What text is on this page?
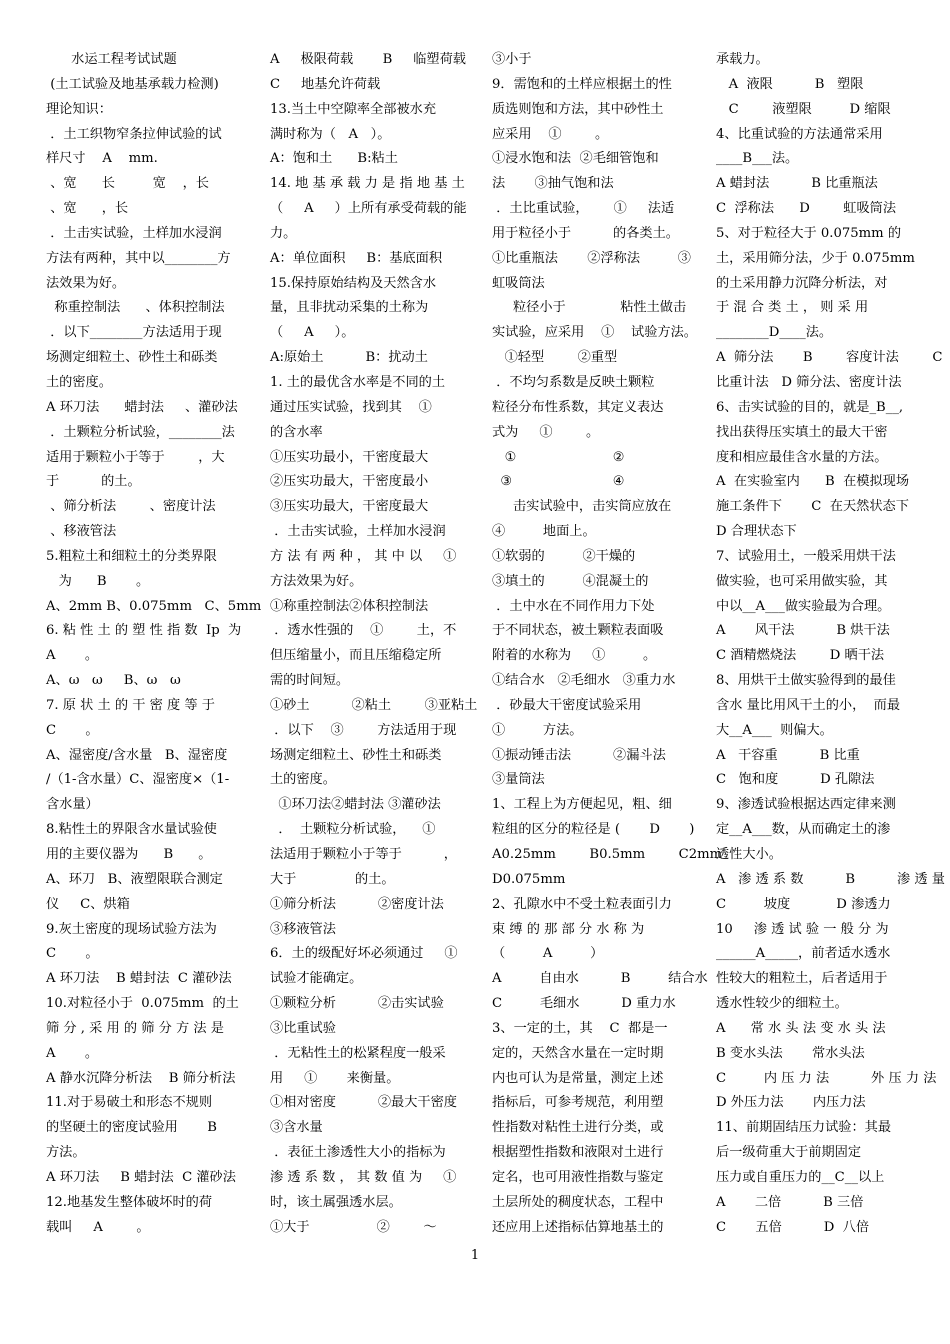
水运工程考试试题
(土工试验及地基承载力检测)
理论知识：
．土工织物窄条拉伸试验的试
样尺寸    A    mm.
、宽      长         宽    ，长
、宽      ，长
．土击实试验，土样加水浸润
方法有两种，其中以________方
法效果为好。
称重控制法      、体积控制法
．以下________方法适用于现
场测定细粒土、砂性土和砾类
土的密度。
A 环刀法      蜡封法     、灌砂法
．土颗粒分析试验，________法
适用于颗粒小于等于        ，大
于          的土。
、筛分析法        、密度计法
、移液管法
5.粗粒土和细粒土的分类界限
为      B       。
A、2mm B、0.075mm   C、5mm
6. 粘 性 土 的 塑 性 指 数  Ip  为
A       。
A、ω   ω     B、ω   ω
7. 原 状 土 的 干 密 度 等 于
C       。
A、湿密度/含水量   B、湿密度
/（1-含水量）C、湿密度×（1-
含水量）
8.粘性土的界限含水量试验使
用的主要仪器为      B      。
A、环刀   B、液塑限联合测定
仪     C、烘箱
9.灰土密度的现场试验方法为
C       。
A 环刀法    B 蜡封法  C 灌砂法
10.对粒径小于  0.075mm  的土
筛 分 , 采 用 的 筛 分 方 法 是
A       。
A 静水沉降分析法    B 筛分析法
11.对于易破土和形态不规则
的坚硬土的密度试验用       B
方法。
A 环刀法     B 蜡封法  C 灌砂法
12.地基发生整体破坏时的荷
载叫     A        。
A     极限荷载       B     临塑荷载
C     地基允许荷载
13.当土中空隙率全部被水充
满时称为（   A   ）。
A：饱和土      B:粘土
14. 地 基 承 载 力 是 指 地 基 土
（     A     ）上所有承受荷载的能
力。
A：单位面积     B：基底面积
15.保持原始结构及天然含水
量，且非扰动采集的土称为
（     A     ）。
A:原始土          B：扰动土
1. 土的最优含水率是不同的土
通过压实试验，找到其    ①
的含水率
①压实功最小，干密度最大
②压实功最大，干密度最小
③压实功最大，干密度最大
．土击实试验，土样加水浸润
方 法 有 两 种 ， 其 中 以     ①
方法效果为好。
①称重控制法②体积控制法
．透水性强的    ①        土，不
但压缩量小，而且压缩稳定所
需的时间短。
①砂土          ②粘土        ③亚粘土
．以下    ③        方法适用于现
场测定细粒土、砂性土和砾类
土的密度。
①环刀法②蜡封法 ③灌砂法
．  土颗粒分析试验，    ①
法适用于颗粒小于等于          ，
大于              的土。
①筛分析法          ②密度计法
③移液管法
6．土的级配好坏必须通过     ①
试验才能确定。
①颗粒分析          ②击实试验
③比重试验
．无粘性土的松紧程度一般采
用     ①       来衡量。
①相对密度          ②最大干密度
③含水量
．表征土渗透性大小的指标为
渗 透 系 数 ， 其 数 值 为     ①
时，该土属强透水层。
①大于                ②        ～
③小于
9．需饱和的土样应根据土的性
质选则饱和方法，其中砂性土
应采用    ①        。
①浸水饱和法  ②毛细管饱和
法       ③抽气饱和法
．土比重试验，      ①     法适
用于粒径小于          的各类土。
①比重瓶法       ②浮称法         ③
虹吸筒法
粒径小于             粘性土做击
实试验，应采用    ①    试验方法。
①轻型        ②重型
．不均匀系数是反映土颗粒
粒径分布性系数，其定义表达
式为     ①        。
①                       ②
③                        ④
击实试验中，击实筒应放在
④         地面上。
①软弱的         ②干燥的
③填土的         ④混凝土的
．土中水在不同作用力下处
于不同状态，被土颗粒表面吸
附着的水称为     ①         。
①结合水   ②毛细水   ③重力水
．砂最大干密度试验采用
①         方法。
①振动锤击法          ②漏斗法
③量筒法
1、工程上为方便起见，粗、细
粒组的区分的粒径是 (       D       )
A0.25mm        B0.5mm        C2mm
D0.075mm
2、孔隙水中不受土粒表面引力
束 缚 的 那 部 分 水 称 为
（         A         ）
A         自由水          B         结合水
C         毛细水          D 重力水
3、一定的土，其    C  都是一
定的，天然含水量在一定时期
内也可认为是常量，测定上述
指标后，可参考规范，利用塑
性指数对粘性土进行分类，或
根据塑性指数和液限对土进行
定名，也可用液性指数与鉴定
土层所处的稠度状态，工程中
还应用上述指标估算地基土的
承载力。
A  液限          B   塑限
C        液塑限         D 缩限
4、比重试验的方法通常采用
____B___法。
A 蜡封法          B 比重瓶法
C  浮称法      D        虹吸筒法
5、对于粒径大于 0.075mm 的
土，采用筛分法，少于 0.075mm
的土采用静力沉降分析法，对
于 混 合 类 土 ， 则 采 用
________D____法。
A  筛分法       B        容度计法        C
比重计法   D 筛分法、密度计法
6、击实试验的目的，就是_B__,
找出获得压实填土的最大干密
度和相应最佳含水量的方法。
A  在实验室内      B  在模拟现场
施工条件下       C  在天然状态下
D 合理状态下
7、试验用土，一般采用烘干法
做实验，也可采用做实验，其
中以__A___做实验最为合理。
A       风干法          B 烘干法
C 酒精燃烧法        D 晒干法
8、用烘干土做实验得到的最佳
含水 量比用风干土的小，  而最
大__A___  则偏大。
A   干容重          B 比重
C   饱和度          D 孔隙法
9、渗透试验根据达西定律来测
定__A___数，从而确定土的渗
透性大小。
A   渗 透 系 数          B          渗 透 量
C         坡度           D 渗透力
10     渗 透 试 验 一 般 分 为
______A_____，前者适水透水
性较大的粗粒土，后者适用于
透水性较少的细粒土。
A      常 水 头 法 变 水 头 法
B 变水头法       常水头法
C         内 压 力 法          外 压 力 法
D 外压力法       内压力法
11、前期固结压力试验：其最
后一级荷重大于前期固定
压力或自重压力的__C__以上
A       二倍          B 三倍
C       五倍          D  八倍
1
